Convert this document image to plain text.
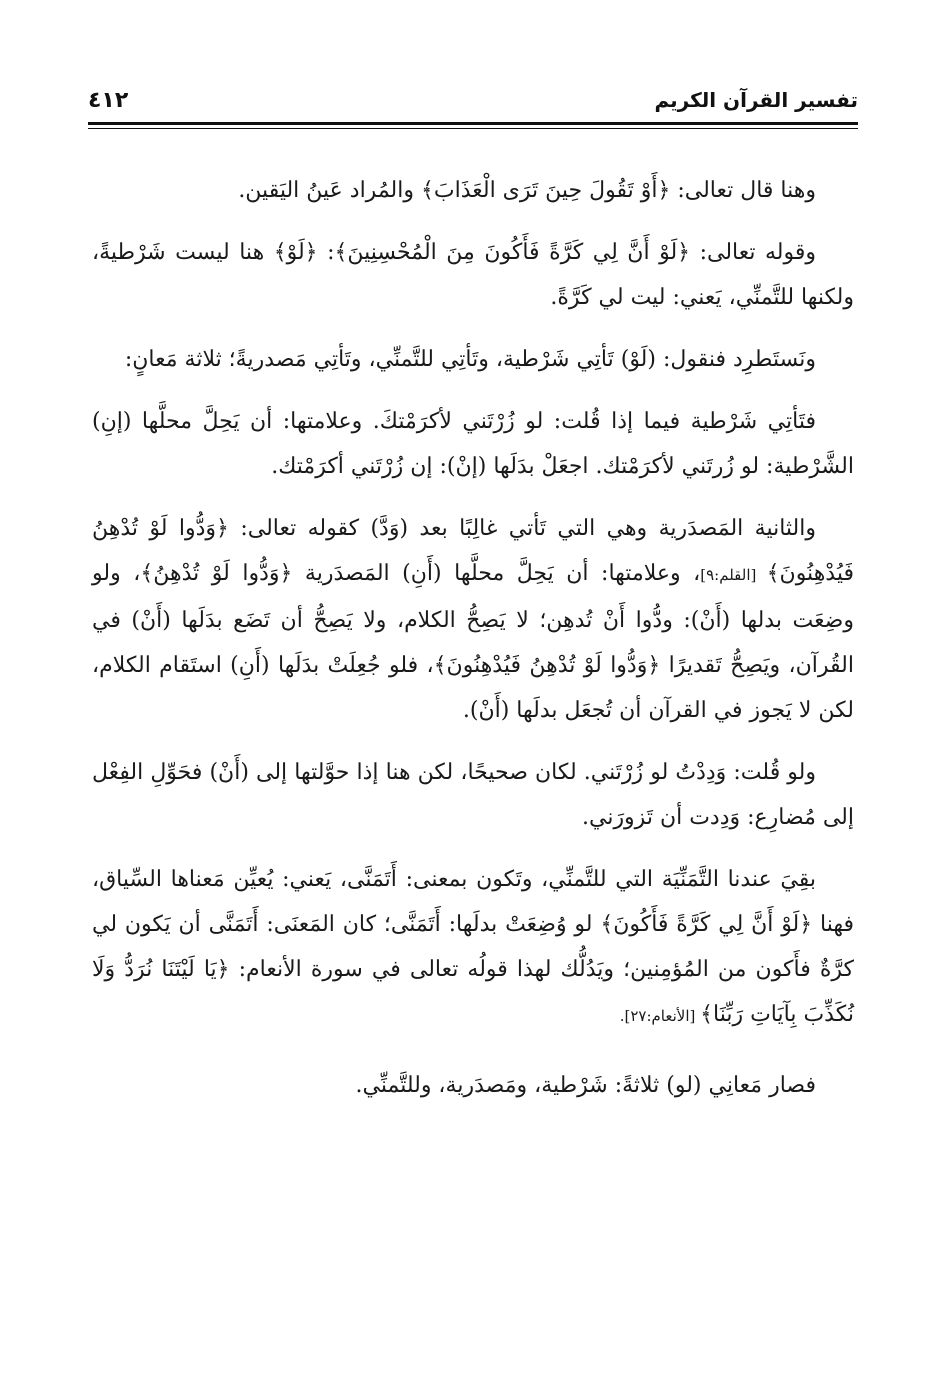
٤١٢	تفسير القرآن الكريم

وهنا قال تعالى: ﴿أَوْ تَقُولَ حِينَ تَرَى الْعَذَابَ﴾ والمُراد عَينُ اليَقين.

وقوله تعالى: ﴿لَوْ أَنَّ لِي كَرَّةً فَأَكُونَ مِنَ الْمُحْسِنِينَ﴾: ﴿لَوْ﴾ هنا ليست شَرْطيةً، ولكنها للتَّمنِّي، يَعني: ليت لي كَرَّةً.

ونَستَطرِد فنقول: (لَوْ) تَأتِي شَرْطية، وتَأتِي للتَّمنِّي، وتَأتِي مَصدريةً؛ ثلاثة مَعانٍ:

فتَأتِي شَرْطية فيما إذا قُلت: لو زُرْتَني لأكرَمْتكَ. وعلامتها: أن يَحِلَّ محلَّها (إنِ) الشَّرْطية: لو زُرتَني لأكرَمْتك. اجعَلْ بدَلَها (إنْ): إن زُرْتَني أكرَمْتك.

والثانية المَصدَرية وهي التي تَأتي غالِبًا بعد (وَدَّ) كقوله تعالى: ﴿وَدُّوا لَوْ تُدْهِنُ فَيُدْهِنُونَ﴾ [القلم:٩]، وعلامتها: أن يَحِلَّ محلَّها (أَنِ) المَصدَرية ﴿وَدُّوا لَوْ تُدْهِنُ﴾، ولو وضِعَت بدلها (أَنْ): ودُّوا أَنْ تُدهِن؛ لا يَصِحُّ الكلام، ولا يَصِحُّ أن تَضَع بدَلَها (أَنْ) في القُرآن، ويَصِحُّ تَقديرًا ﴿وَدُّوا لَوْ تُدْهِنُ فَيُدْهِنُونَ﴾، فلو جُعِلَتْ بدَلَها (أَنِ) استَقام الكلام، لكن لا يَجوز في القرآن أن تُجعَل بدلَها (أَنْ).

ولو قُلت: وَدِدْتُ لو زُرْتَني. لكان صحيحًا، لكن هنا إذا حوَّلتها إلى (أَنْ) فحَوِّلِ الفِعْل إلى مُضارِع: وَدِدت أن تَزورَني.

بقِيَ عندنا التَّمَنِّيَة التي للتَّمنِّي، وتَكون بمعنى: أَتَمَنَّى، يَعني: يُعيِّن مَعناها السِّياق، فهنا ﴿لَوْ أَنَّ لِي كَرَّةً فَأَكُونَ﴾ لو وُضِعَتْ بدلَها: أَتَمَنَّى؛ كان المَعنَى: أَتَمَنَّى أن يَكون لي كرَّةٌ فأَكون من المُؤمِنين؛ ويَدُلُّك لهذا قولُه تعالى في سورة الأنعام: ﴿يَا لَيْتَنَا نُرَدُّ وَلَا نُكَذِّبَ بِآيَاتِ رَبِّنَا﴾ [الأنعام:٢٧].

فصار مَعانِي (لو) ثلاثةً: شَرْطية، ومَصدَرية، وللتَّمنِّي.
